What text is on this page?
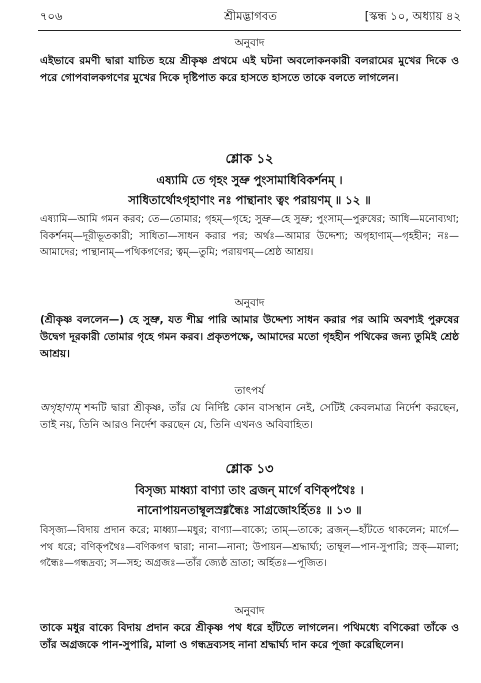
৭০৬	শ্রীমদ্ভাগবত	[স্কন্ধ ১০, অধ্যায় ৪২
অনুবাদ
এইভাবে রমণী দ্বারা যাচিত হয়ে শ্রীকৃষ্ণ প্রথমে এই ঘটনা অবলোকনকারী বলরামের মুখের দিকে ও পরে গোপবালকগণের মুখের দিকে দৃষ্টিপাত করে হাসতে হাসতে তাকে বলতে লাগলেন।
শ্লোক ১২
এষ্যামি তে গৃহং সুভ্রু পুংসামাধিবিকর্শনম্ ।
সাধিতার্থোঽগৃহাণাং নঃ পান্থানাং ত্বং পরায়ণম্ ॥ ১২ ॥
এষ্যামি—আমি গমন করব; তে—তোমার; গৃহম্—গৃহে; সুভ্রু—হে সুভ্রু; পুংসাম্—পুরুষের; আধি—মনোব্যথা; বিকর্শনম্—দূরীভূতকারী; সাধিতা—সাধন করার পর; অর্থঃ—আমার উদ্দেশ্য; অগৃহাণাম্—গৃহহীন; নঃ—আমাদের; পান্থানাম্—পথিকগণের; ত্বম্—তুমি; পরায়ণম্—শ্রেষ্ঠ আশ্রয়।
অনুবাদ
(শ্রীকৃষ্ণ বললেন—) হে সুভ্রু, যত শীঘ্র পারি আমার উদ্দেশ্য সাধন করার পর আমি অবশ্যই পুরুষের উদ্বেগ দূরকারী তোমার গৃহে গমন করব। প্রকৃতপক্ষে, আমাদের মতো গৃহহীন পথিকের জন্য তুমিই শ্রেষ্ঠ আশ্রয়।
তাৎপর্য
অগৃহাণাম্ শব্দটি দ্বারা শ্রীকৃষ্ণ, তাঁর যে নির্দিষ্ট কোন বাসস্থান নেই, সেটিই কেবলমাত্র নির্দেশ করছেন, তাই নয়, তিনি আরও নির্দেশ করছেন যে, তিনি এখনও অবিবাহিত।
শ্লোক ১৩
বিসৃজ্য মাধ্ব্যা বাণ্যা তাং ব্রজন্ মার্গে বণিক্পথৈঃ ।
নানোপায়নতাম্বূলস্রগ্গন্ধৈঃ সাগ্রজোঽর্হিতঃ ॥ ১৩ ॥
বিসৃজ্য—বিদায় প্রদান করে; মাধ্ব্যা—মধুর; বাণ্যা—বাক্যে; তাম্—তাকে; ব্রজন্—হাঁটতে থাকলেন; মার্গে—পথ ধরে; বণিক্পথৈঃ—বণিকগণ দ্বারা; নানা—নানা; উপায়ন—শ্রদ্ধার্ঘ্য; তাম্বূল—পান-সুপারি; স্রক্—মালা; গন্ধৈঃ—গন্ধদ্রব্য; স—সহ; অগ্রজঃ—তাঁর জ্যেষ্ঠ ভ্রাতা; অর্হিতঃ—পূজিত।
অনুবাদ
তাকে মধুর বাক্যে বিদায় প্রদান করে শ্রীকৃষ্ণ পথ ধরে হাঁটতে লাগলেন। পথিমধ্যে বণিকেরা তাঁকে ও তাঁর অগ্রজকে পান-সুপারি, মালা ও গন্ধদ্রব্যসহ নানা শ্রদ্ধার্ঘ্য দান করে পূজা করেছিলেন।
